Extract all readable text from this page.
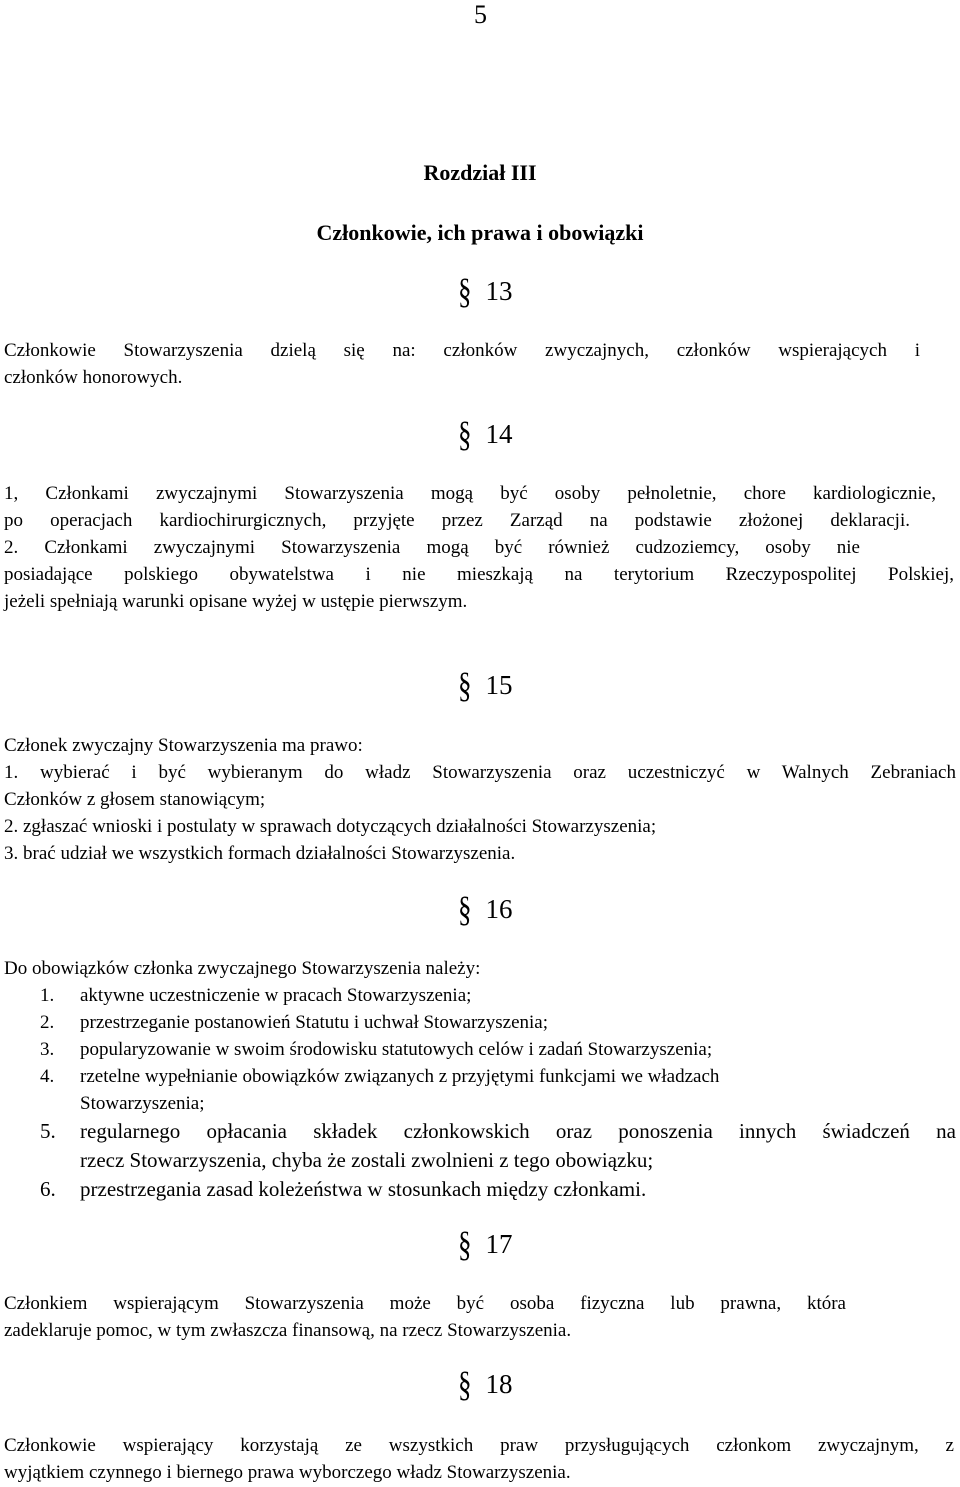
5
Rozdział III
Członkowie, ich prawa i obowiązki
§ 13
Członkowie Stowarzyszenia dzielą się na: członków zwyczajnych, członków wspierających i
członków honorowych.
§ 14
1, Członkami zwyczajnymi Stowarzyszenia mogą być osoby pełnoletnie, chore kardiologicznie,
po operacjach kardiochirurgicznych, przyjęte przez Zarząd na podstawie złożonej deklaracji.
2. Członkami zwyczajnymi Stowarzyszenia mogą być również cudzoziemcy, osoby nie
posiadające polskiego obywatelstwa i nie mieszkają na terytorium Rzeczypospolitej Polskiej,
jeżeli spełniają warunki opisane wyżej w ustępie pierwszym.
§ 15
Członek zwyczajny Stowarzyszenia ma prawo:
1. wybierać i być wybieranym do władz Stowarzyszenia oraz uczestniczyć w Walnych Zebraniach
Członków z głosem stanowiącym;
2. zgłaszać wnioski i postulaty w sprawach dotyczących działalności Stowarzyszenia;
3. brać udział we wszystkich formach działalności Stowarzyszenia.
§ 16
Do obowiązków członka zwyczajnego Stowarzyszenia należy:
1. aktywne uczestniczenie w pracach Stowarzyszenia;
2. przestrzeganie postanowień Statutu i uchwał Stowarzyszenia;
3. popularyzowanie w swoim środowisku statutowych celów i zadań Stowarzyszenia;
4. rzetelne wypełnianie obowiązków związanych z przyjętymi funkcjami we władzach
Stowarzyszenia;
5. regularnego opłacania składek członkowskich oraz ponoszenia innych świadczeń na
rzecz Stowarzyszenia, chyba że zostali zwolnieni z tego obowiązku;
6. przestrzegania zasad koleżeństwa w stosunkach między członkami.
§ 17
Członkiem wspierającym Stowarzyszenia może być osoba fizyczna lub prawna, która
zadeklaruje pomoc, w tym zwłaszcza finansową, na rzecz Stowarzyszenia.
§ 18
Członkowie wspierający korzystają ze wszystkich praw przysługujących członkom zwyczajnym, z
wyjątkiem czynnego i biernego prawa wyborczego władz Stowarzyszenia.
